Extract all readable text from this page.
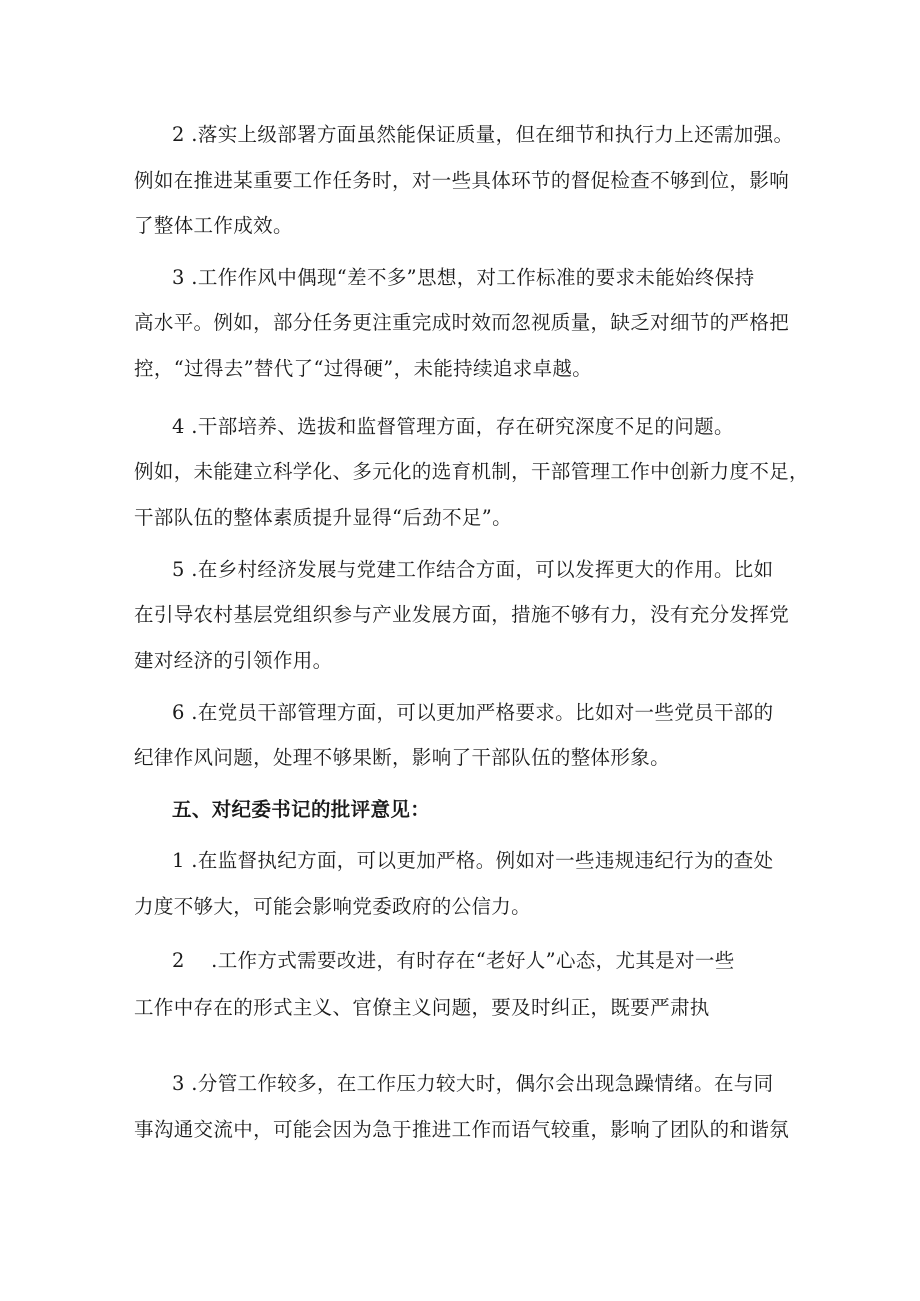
2 .落实上级部署方面虽然能保证质量，但在细节和执行力上还需加强。
例如在推进某重要工作任务时，对一些具体环节的督促检查不够到位，影响
了整体工作成效。
3 .工作作风中偶现“差不多”思想，对工作标准的要求未能始终保持
高水平。例如，部分任务更注重完成时效而忽视质量，缺乏对细节的严格把
控，“过得去”替代了“过得硬”，未能持续追求卓越。
4 .干部培养、选拔和监督管理方面，存在研究深度不足的问题。
例如，未能建立科学化、多元化的选育机制，干部管理工作中创新力度不足，
干部队伍的整体素质提升显得“后劲不足”。
5 .在乡村经济发展与党建工作结合方面，可以发挥更大的作用。比如
在引导农村基层党组织参与产业发展方面，措施不够有力，没有充分发挥党
建对经济的引领作用。
6 .在党员干部管理方面，可以更加严格要求。比如对一些党员干部的
纪律作风问题，处理不够果断，影响了干部队伍的整体形象。
五、对纪委书记的批评意见：
1 .在监督执纪方面，可以更加严格。例如对一些违规违纪行为的查处
力度不够大，可能会影响党委政府的公信力。
2　 .工作方式需要改进，有时存在“老好人”心态，尤其是对一些
工作中存在的形式主义、官僚主义问题，要及时纠正，既要严肃执
3 .分管工作较多，在工作压力较大时，偶尔会出现急躁情绪。在与同
事沟通交流中，可能会因为急于推进工作而语气较重，影响了团队的和谐氛
